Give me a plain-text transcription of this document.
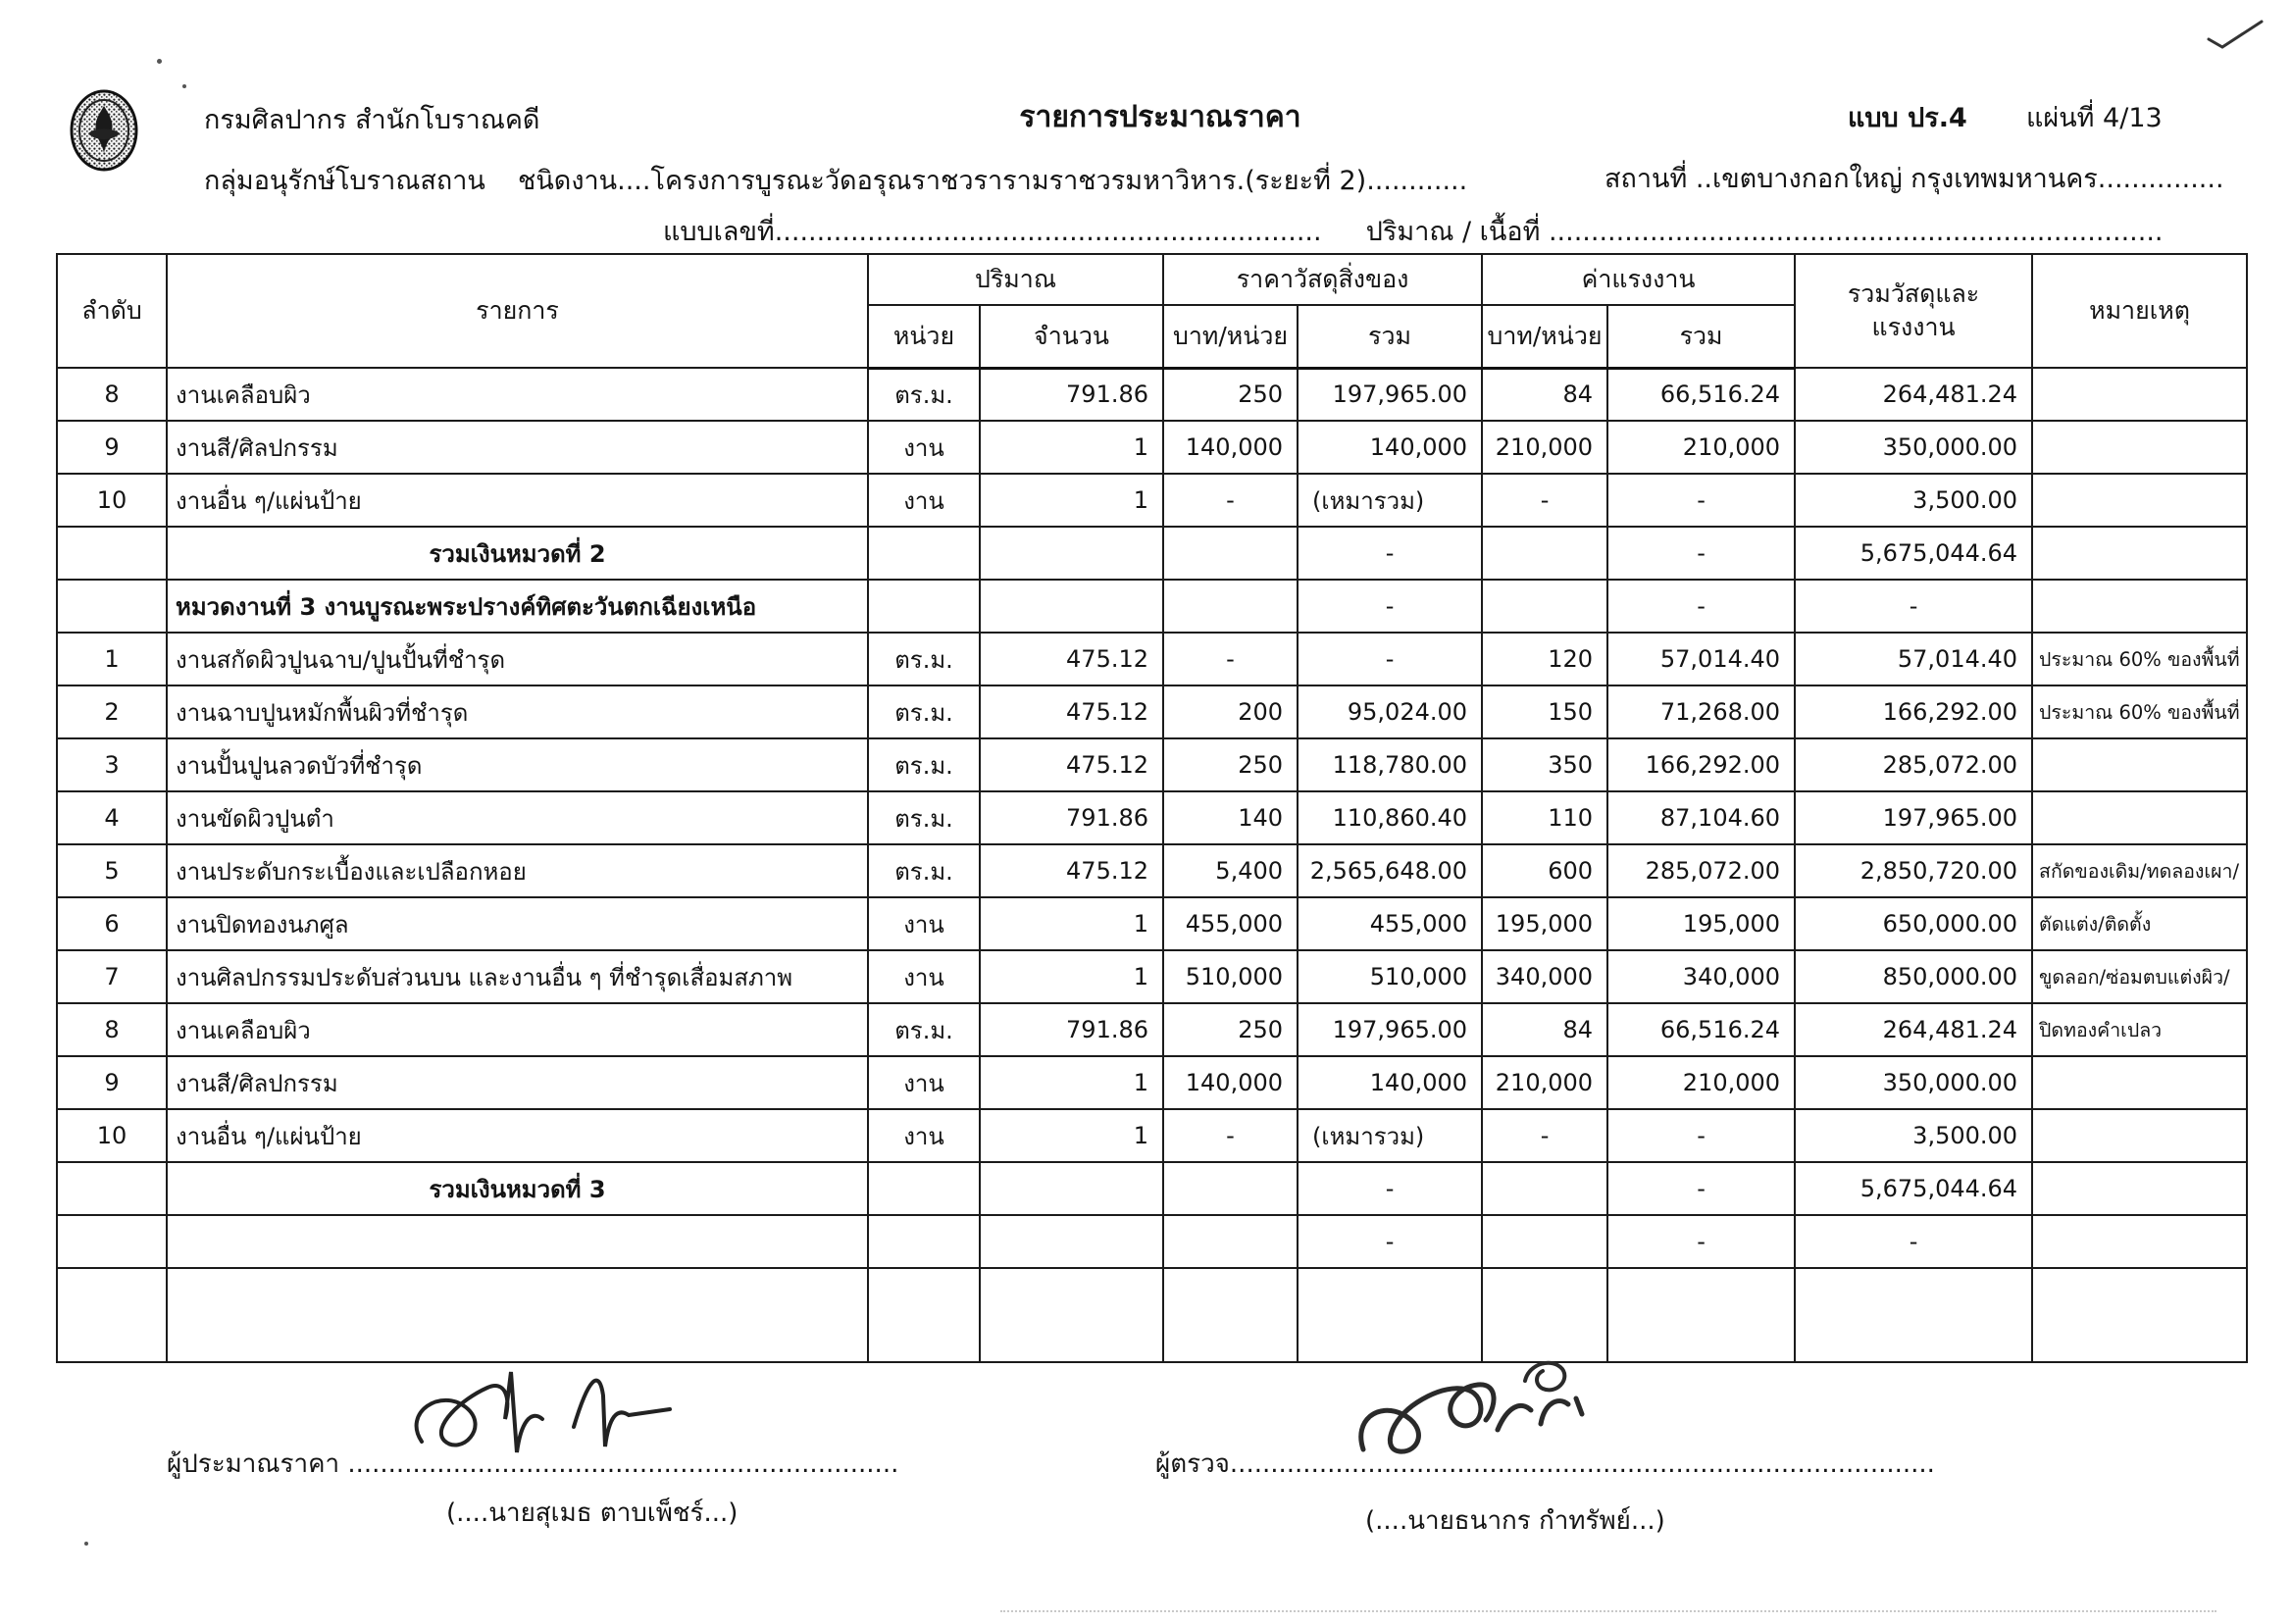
กรมศิลปากร สำนักโบราณคดี	รายการประมาณราคา	แบบ ปร.4 แผ่นที่ 4/13
กลุ่มอนุรักษ์โบราณสถาน ชนิดงาน....โครงการบูรณะวัดอรุณราชวรารามราชวรมหาวิหาร.(ระยะที่ 2)............	สถานที่ ..เขตบางกอกใหญ่ กรุงเทพมหานคร...............
แบบเลขที่................................................................. ปริมาณ / เนื้อที่ .........................................................................
ลำดับ	รายการ	ปริมาณ		ราคาวัสดุสิ่งของ		ค่าแรงงาน		รวมวัสดุและ
แรงงาน	หมายเหตุ
		หน่วย	จำนวน	บาท/หน่วย	รวม	บาท/หน่วย	รวม		
8	งานเคลือบผิว	ตร.ม.	791.86	250	197,965.00	84	66,516.24	264,481.24	
9	งานสี/ศิลปกรรม	งาน	1	140,000	140,000	210,000	210,000	350,000.00	
10	งานอื่น ๆ/แผ่นป้าย	งาน	1	-	(เหมารวม)	-	-	3,500.00	
	รวมเงินหมวดที่ 2				-		-	5,675,044.64	
	หมวดงานที่ 3 งานบูรณะพระปรางค์ทิศตะวันตกเฉียงเหนือ				-		-	-	
1	งานสกัดผิวปูนฉาบ/ปูนปั้นที่ชำรุด	ตร.ม.	475.12	-	-	120	57,014.40	57,014.40	ประมาณ 60% ของพื้นที่
2	งานฉาบปูนหมักพื้นผิวที่ชำรุด	ตร.ม.	475.12	200	95,024.00	150	71,268.00	166,292.00	ประมาณ 60% ของพื้นที่
3	งานปั้นปูนลวดบัวที่ชำรุด	ตร.ม.	475.12	250	118,780.00	350	166,292.00	285,072.00	
4	งานขัดผิวปูนตำ	ตร.ม.	791.86	140	110,860.40	110	87,104.60	197,965.00	
5	งานประดับกระเบื้องและเปลือกหอย	ตร.ม.	475.12	5,400	2,565,648.00	600	285,072.00	2,850,720.00	สกัดของเดิม/ทดลองเผา/
6	งานปิดทองนภศูล	งาน	1	455,000	455,000	195,000	195,000	650,000.00	ตัดแต่ง/ติดตั้ง
7	งานศิลปกรรมประดับส่วนบน และงานอื่น ๆ ที่ชำรุดเสื่อมสภาพ	งาน	1	510,000	510,000	340,000	340,000	850,000.00	ขูดลอก/ซ่อมตบแต่งผิว/
8	งานเคลือบผิว	ตร.ม.	791.86	250	197,965.00	84	66,516.24	264,481.24	ปิดทองคำเปลว
9	งานสี/ศิลปกรรม	งาน	1	140,000	140,000	210,000	210,000	350,000.00	
10	งานอื่น ๆ/แผ่นป้าย	งาน	1	-	(เหมารวม)	-	-	3,500.00	
	รวมเงินหมวดที่ 3				-		-	5,675,044.64	
					-		-	-	

ผู้ประมาณราคา ....................................................................
(....นายสุเมธ ตาบเพ็ชร์...)
ผู้ตรวจ.......................................................................................
(....นายธนากร กำทรัพย์...)
